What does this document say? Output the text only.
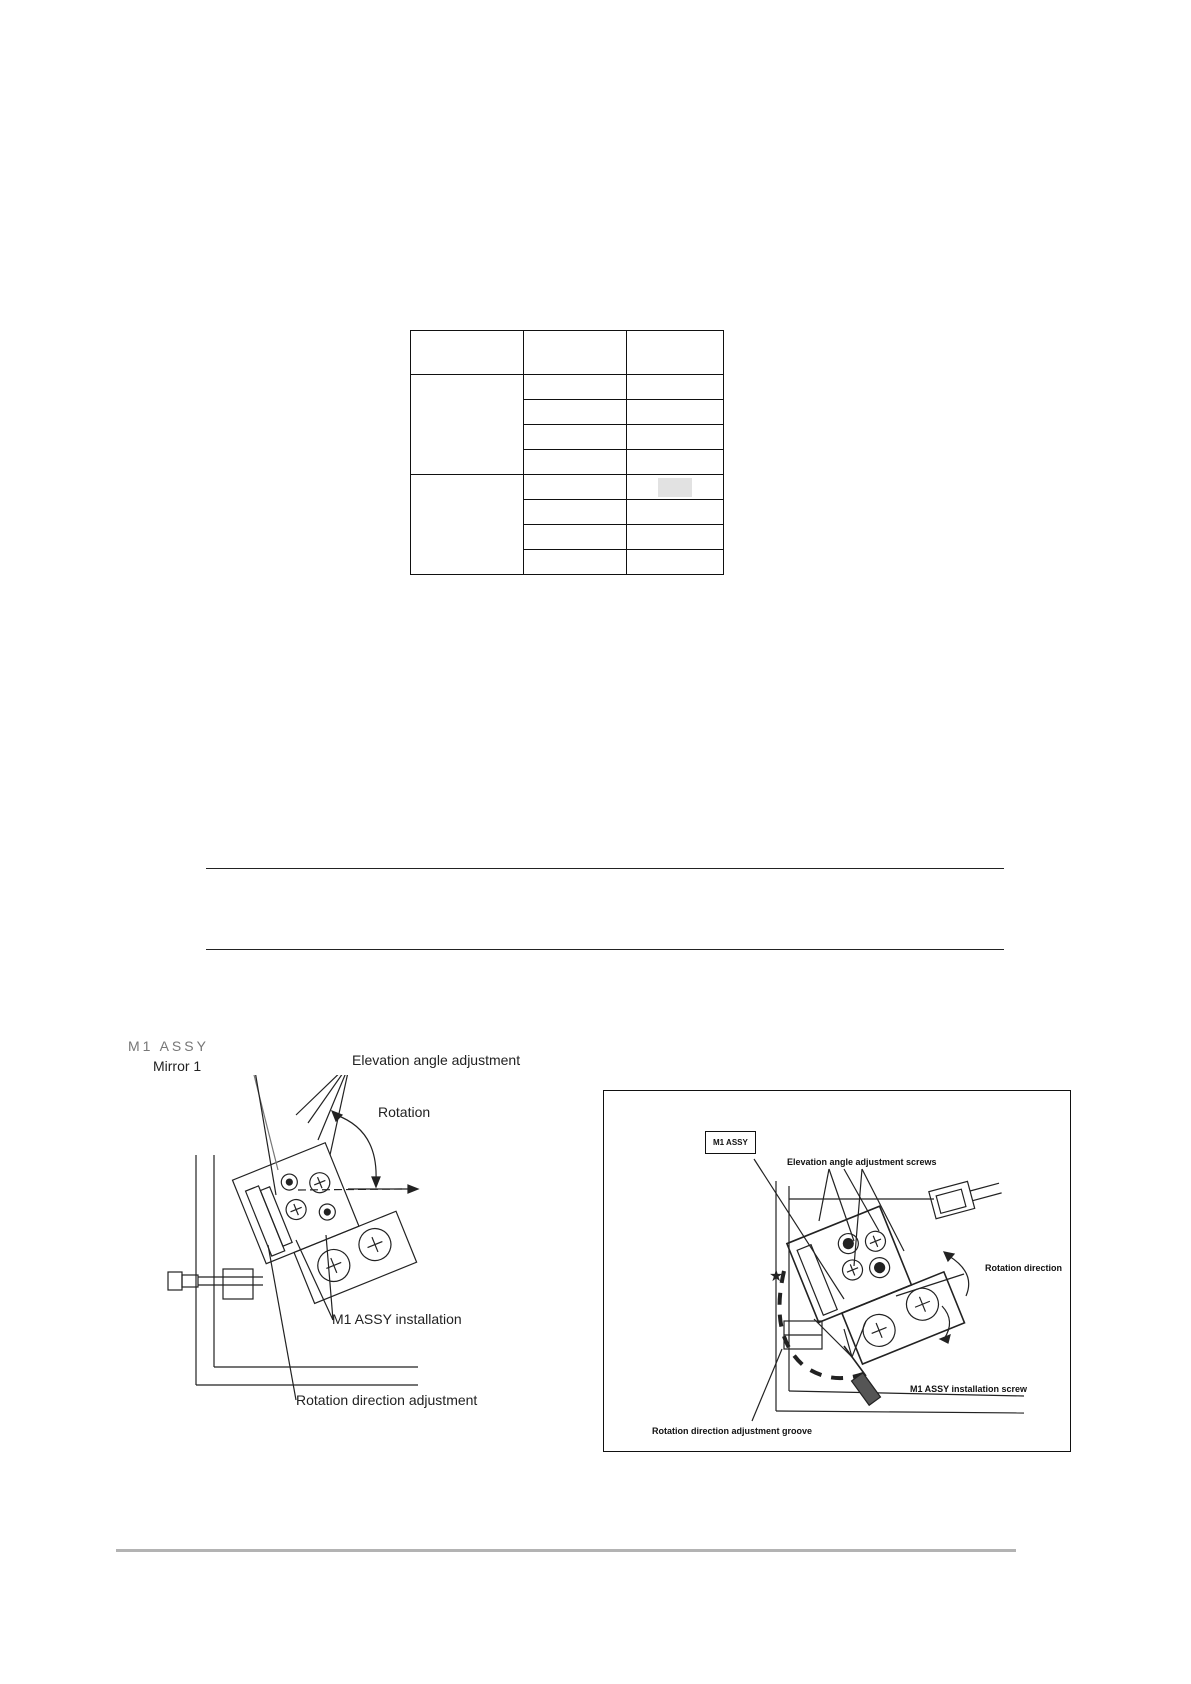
M1 ASSY
Mirror 1	Elevation angle adjustment
Rotation
M1 ASSY installation
Rotation direction adjustment
★
M1 ASSY
Elevation angle adjustment screws
Rotation direction
M1 ASSY installation screw
Rotation direction adjustment groove
